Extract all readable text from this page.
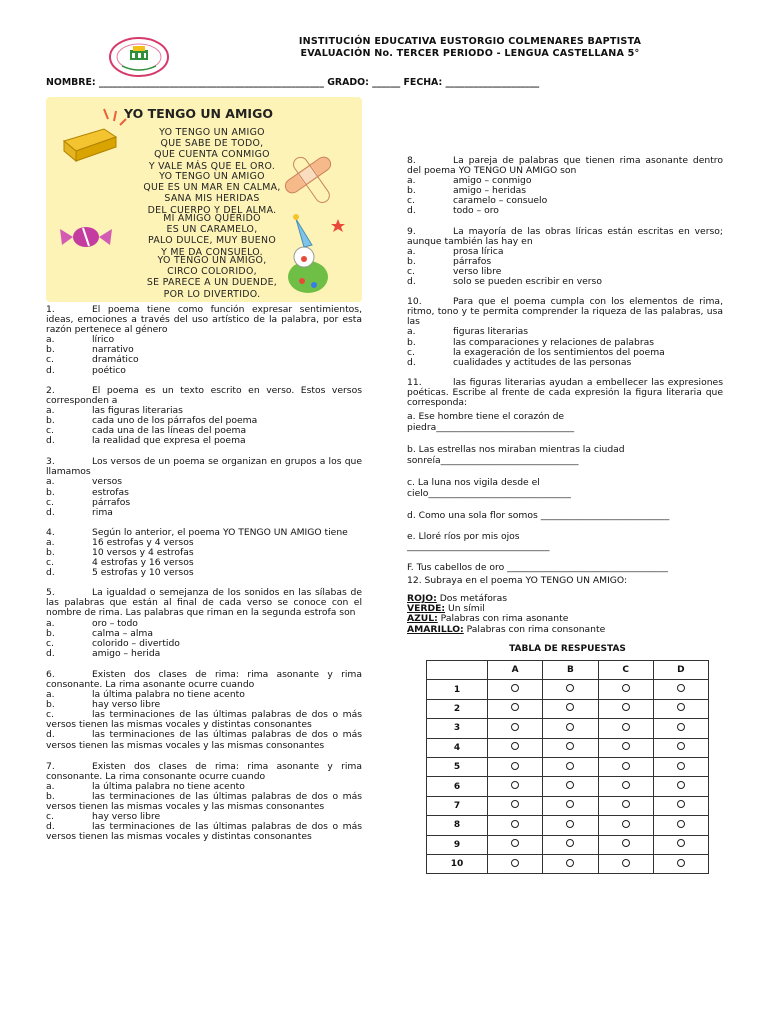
INSTITUCIÓN EDUCATIVA EUSTORGIO COLMENARES BAPTISTA
EVALUACIÓN No. TERCER PERIODO - LENGUA CASTELLANA 5°
NOMBRE: ________________________________________________ GRADO: ______ FECHA: ____________________
YO TENGO UN AMIGO
YO TENGO UN AMIGO
QUE SABE DE TODO,
QUE CUENTA CONMIGO
Y VALE MÁS QUE EL ORO.
YO TENGO UN AMIGO
QUE ES UN MAR EN CALMA,
SANA MIS HERIDAS
DEL CUERPO Y DEL ALMA.
MI AMIGO QUERIDO
ES UN CARAMELO,
PALO DULCE, MUY BUENO
Y ME DA CONSUELO.
YO TENGO UN AMIGO,
CIRCO COLORIDO,
SE PARECE A UN DUENDE,
POR LO DIVERTIDO.

1.	El poema tiene como función expresar sentimientos, ideas, emociones a través del uso artístico de la palabra, por esta razón pertenece al género

a.	lírico
b.	narrativo
c.	dramático
d.	poético

2.	El poema es un texto escrito en verso. Estos versos corresponden a

a.	las figuras literarias
b.	cada uno de los párrafos del poema
c.	cada una de las líneas del poema
d.	la realidad que expresa el poema

3.	Los versos de un poema se organizan en grupos a los que llamamos

a.	versos
b.	estrofas
c.	párrafos
d.	rima

4.	Según lo anterior, el poema YO TENGO UN AMIGO tiene

a.	16 estrofas y 4 versos
b.	10 versos y 4 estrofas
c.	4 estrofas y 16 versos
d.	5 estrofas y 10 versos

5.	La igualdad o semejanza de los sonidos en las sílabas de las palabras que están al final de cada verso se conoce con el nombre de rima. Las palabras que riman en la segunda estrofa son

a.	oro – todo
b.	calma – alma
c.	colorido – divertido
d.	amigo – herida

6.	Existen dos clases de rima: rima asonante y rima consonante. La rima asonante ocurre cuando

a.	la última palabra no tiene acento
b.	hay verso libre
c.	las terminaciones de las últimas palabras de dos o más versos tienen las mismas vocales y distintas consonantes
d.	las terminaciones de las últimas palabras de dos o más versos tienen las mismas vocales y las mismas consonantes

7.	Existen dos clases de rima: rima asonante y rima consonante. La rima consonante ocurre cuando

a.	la última palabra no tiene acento
b.	las terminaciones de las últimas palabras de dos o más versos tienen las mismas vocales y las mismas consonantes
c.	hay verso libre
d.	las terminaciones de las últimas palabras de dos o más versos tienen las mismas vocales y distintas consonantes

8.	La pareja de palabras que tienen rima asonante dentro del poema YO TENGO UN AMIGO son

a.	amigo – conmigo
b.	amigo – heridas
c.	caramelo – consuelo
d.	todo – oro

9.	La mayoría de las obras líricas están escritas en verso; aunque también las hay en

a.	prosa lírica
b.	párrafos
c.	verso libre
d.	solo se pueden escribir en verso

10.	Para que el poema cumpla con los elementos de rima, ritmo, tono y te permita comprender la riqueza de las palabras, usa las

a.	figuras literarias
b.	las comparaciones y relaciones de palabras
c.	la exageración de los sentimientos del poema
d.	cualidades y actitudes de las personas

11.	las figuras literarias ayudan a embellecer las expresiones poéticas. Escribe al frente de cada expresión la figura literaria que corresponda:

a. Ese hombre tiene el corazón de
piedra______________________________
b. Las estrellas nos miraban mientras la ciudad
sonreía______________________________
c. La luna nos vigila desde el
cielo_______________________________
d. Como una sola flor somos ____________________________
e. Lloré ríos por mis ojos
_______________________________
F. Tus cabellos de oro ___________________________________
12. Subraya en el poema YO TENGO UN AMIGO:
ROJO: Dos metáforas
VERDE: Un símil
AZUL: Palabras con rima asonante
AMARILLO: Palabras con rima consonante
TABLA DE RESPUESTAS
	A	B	C	D
1				
2				
3				
4				
5				
6				
7				
8				
9				
10				
